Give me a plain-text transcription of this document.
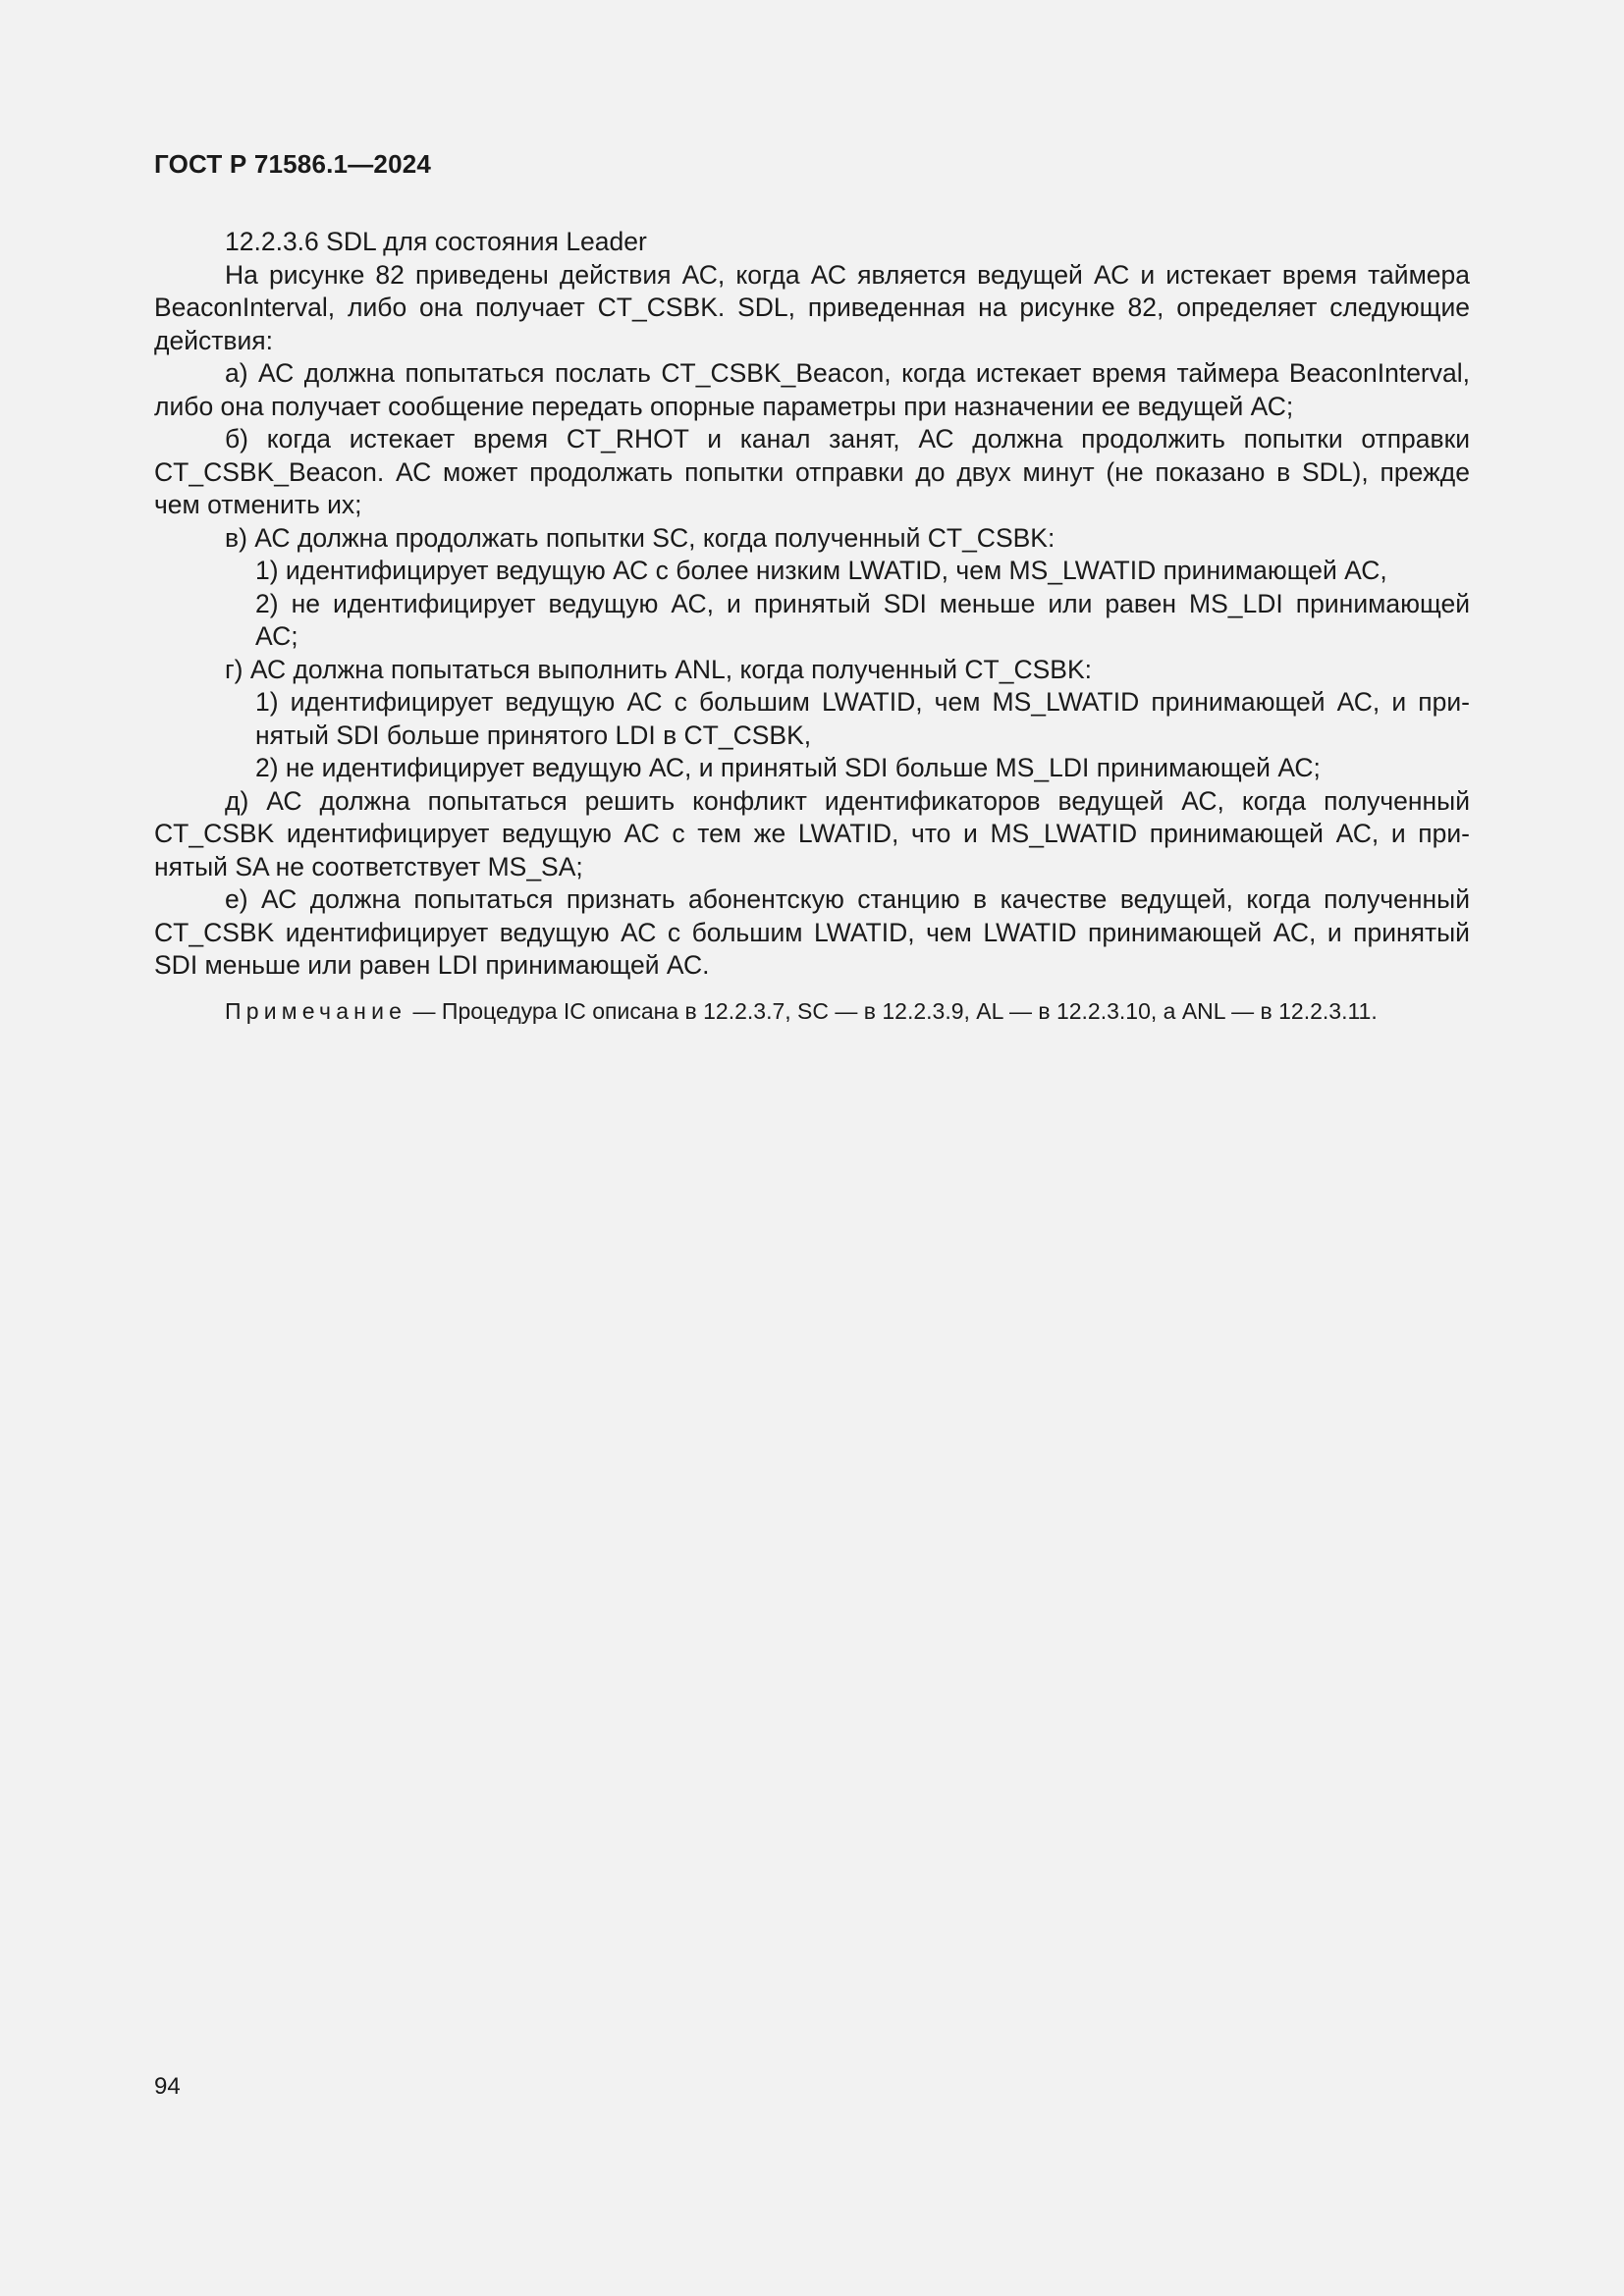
ГОСТ Р 71586.1—2024

12.2.3.6 SDL для состояния Leader

На рисунке 82 приведены действия АС, когда АС является ведущей АС и истекает время таймера
BeaconInterval, либо она получает CT_CSBK. SDL, приведенная на рисунке 82, определяет следующие
действия:
а) АС должна попытаться послать CT_CSBK_Beacon, когда истекает время таймера BeaconInterval,
либо она получает сообщение передать опорные параметры при назначении ее ведущей АС;
б) когда истекает время CT_RHOT и канал занят, АС должна продолжить попытки отправки
CT_CSBK_Beacon. АС может продолжать попытки отправки до двух минут (не показано в SDL), прежде
чем отменить их;
в) АС должна продолжать попытки SC, когда полученный CT_CSBK:
1) идентифицирует ведущую АС с более низким LWATID, чем MS_LWATID принимающей АС,
2) не идентифицирует ведущую АС, и принятый SDI меньше или равен MS_LDI принимающей
АС;
г) АС должна попытаться выполнить ANL, когда полученный CT_CSBK:
1) идентифицирует ведущую АС с большим LWATID, чем MS_LWATID принимающей АС, и при-
нятый SDI больше принятого LDI в CT_CSBK,
2) не идентифицирует ведущую АС, и принятый SDI больше MS_LDI принимающей АС;
д) АС должна попытаться решить конфликт идентификаторов ведущей АС, когда полученный
CT_CSBK идентифицирует ведущую АС с тем же LWATID, что и MS_LWATID принимающей АС, и при-
нятый SA не соответствует MS_SA;
е) АС должна попытаться признать абонентскую станцию в качестве ведущей, когда полученный
CT_CSBK идентифицирует ведущую АС с большим LWATID, чем LWATID принимающей АС, и принятый
SDI меньше или равен LDI принимающей АС.

Примечание — Процедура IC описана в 12.2.3.7, SC — в 12.2.3.9, AL — в 12.2.3.10, а ANL — в 12.2.3.11.

94
